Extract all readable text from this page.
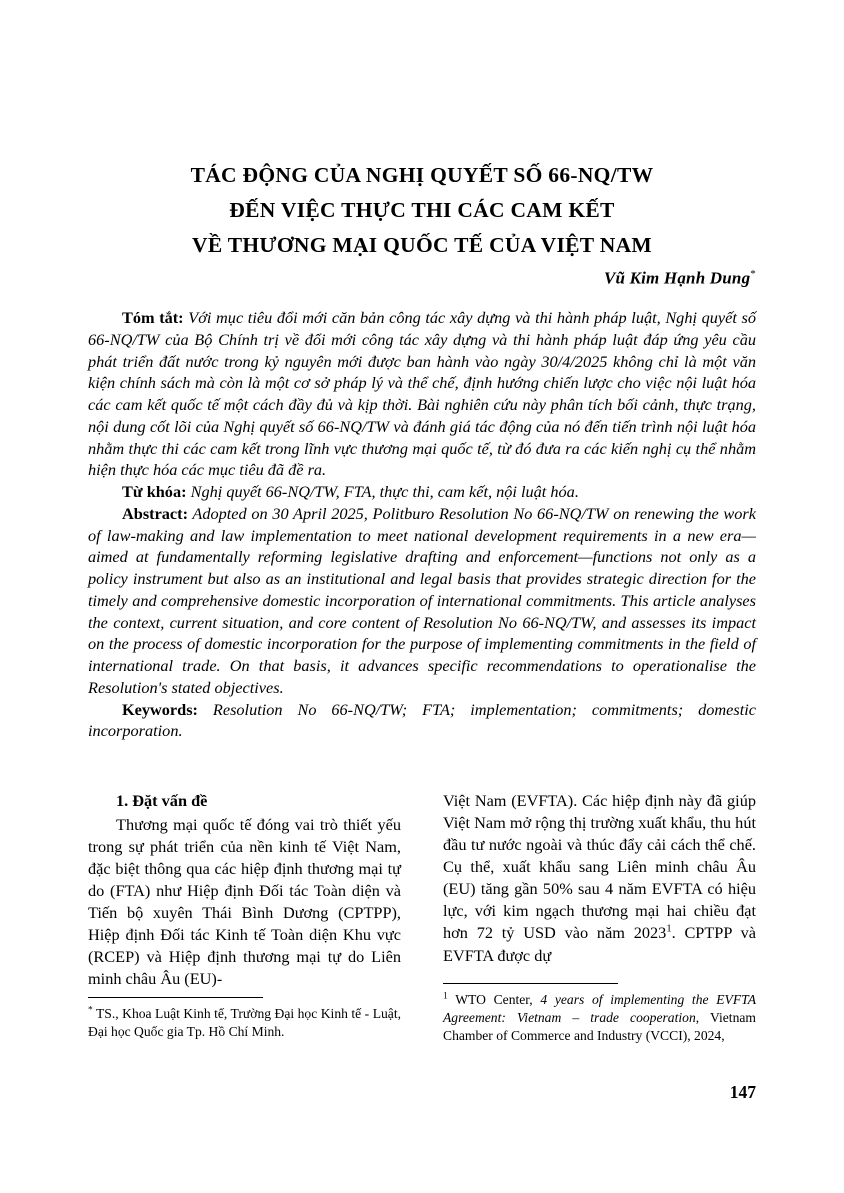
TÁC ĐỘNG CỦA NGHỊ QUYẾT SỐ 66-NQ/TW
ĐẾN VIỆC THỰC THI CÁC CAM KẾT
VỀ THƯƠNG MẠI QUỐC TẾ CỦA VIỆT NAM
Vũ Kim Hạnh Dung*

Tóm tắt: Với mục tiêu đổi mới căn bản công tác xây dựng và thi hành pháp luật, Nghị quyết số 66-NQ/TW của Bộ Chính trị về đổi mới công tác xây dựng và thi hành pháp luật đáp ứng yêu cầu phát triển đất nước trong kỷ nguyên mới được ban hành vào ngày 30/4/2025 không chỉ là một văn kiện chính sách mà còn là một cơ sở pháp lý và thể chế, định hướng chiến lược cho việc nội luật hóa các cam kết quốc tế một cách đầy đủ và kịp thời. Bài nghiên cứu này phân tích bối cảnh, thực trạng, nội dung cốt lõi của Nghị quyết số 66-NQ/TW và đánh giá tác động của nó đến tiến trình nội luật hóa nhằm thực thi các cam kết trong lĩnh vực thương mại quốc tế, từ đó đưa ra các kiến nghị cụ thể nhằm hiện thực hóa các mục tiêu đã đề ra.

Từ khóa: Nghị quyết 66-NQ/TW, FTA, thực thi, cam kết, nội luật hóa.

Abstract: Adopted on 30 April 2025, Politburo Resolution No 66-NQ/TW on renewing the work of law-making and law implementation to meet national development requirements in a new era—aimed at fundamentally reforming legislative drafting and enforcement—functions not only as a policy instrument but also as an institutional and legal basis that provides strategic direction for the timely and comprehensive domestic incorporation of international commitments. This article analyses the context, current situation, and core content of Resolution No 66-NQ/TW, and assesses its impact on the process of domestic incorporation for the purpose of implementing commitments in the field of international trade. On that basis, it advances specific recommendations to operationalise the Resolution's stated objectives.

Keywords: Resolution No 66-NQ/TW; FTA; implementation; commitments; domestic incorporation.

1. Đặt vấn đề

Thương mại quốc tế đóng vai trò thiết yếu trong sự phát triển của nền kinh tế Việt Nam, đặc biệt thông qua các hiệp định thương mại tự do (FTA) như Hiệp định Đối tác Toàn diện và Tiến bộ xuyên Thái Bình Dương (CPTPP), Hiệp định Đối tác Kinh tế Toàn diện Khu vực (RCEP) và Hiệp định thương mại tự do Liên minh châu Âu (EU)-

Việt Nam (EVFTA). Các hiệp định này đã giúp Việt Nam mở rộng thị trường xuất khẩu, thu hút đầu tư nước ngoài và thúc đẩy cải cách thể chế. Cụ thể, xuất khẩu sang Liên minh châu Âu (EU) tăng gần 50% sau 4 năm EVFTA có hiệu lực, với kim ngạch thương mại hai chiều đạt hơn 72 tỷ USD vào năm 2023$^1$. CPTPP và EVFTA được dự

* TS., Khoa Luật Kinh tế, Trường Đại học Kinh tế - Luật, Đại học Quốc gia Tp. Hồ Chí Minh.

$^1$ WTO Center, 4 years of implementing the EVFTA Agreement: Vietnam – trade cooperation, Vietnam Chamber of Commerce and Industry (VCCI), 2024,

147
